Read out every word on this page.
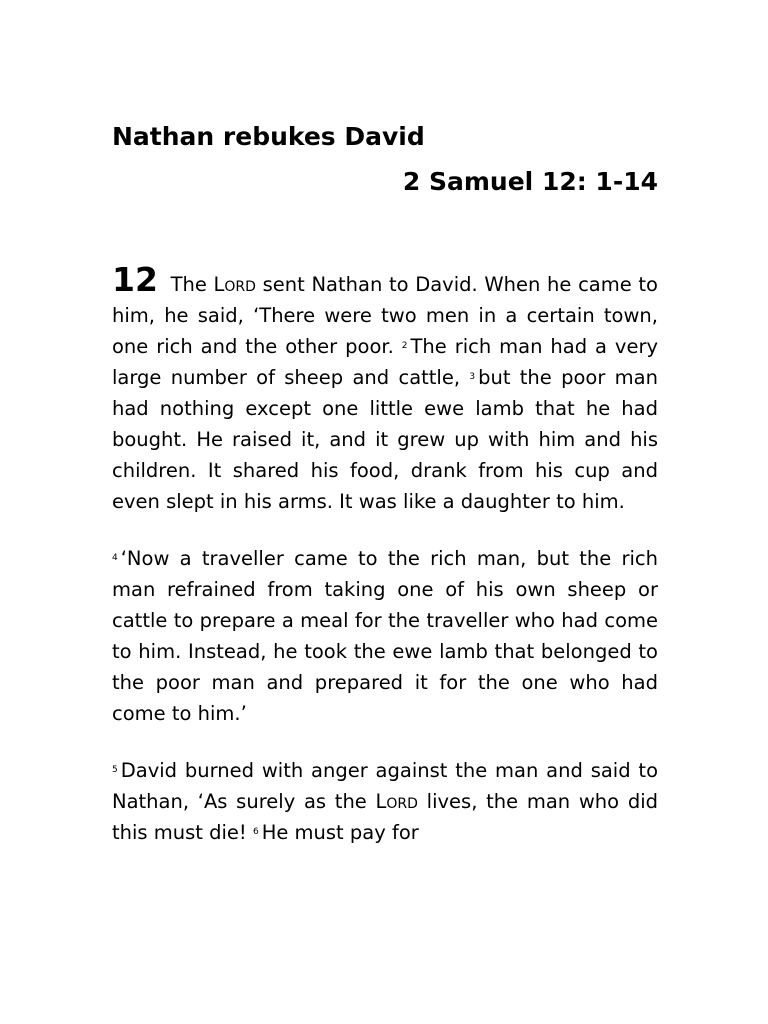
Nathan rebukes David
2 Samuel 12: 1-14

12 The Lord sent Nathan to David. When he came to him, he said, ‘There were two men in a certain town, one rich and the other poor. $^2$ The rich man had a very large number of sheep and cattle, $^3$ but the poor man had nothing except one little ewe lamb that he had bought. He raised it, and it grew up with him and his children. It shared his food, drank from his cup and even slept in his arms. It was like a daughter to him.

$^4$ ‘Now a traveller came to the rich man, but the rich man refrained from taking one of his own sheep or cattle to prepare a meal for the traveller who had come to him. Instead, he took the ewe lamb that belonged to the poor man and prepared it for the one who had come to him.’

$^5$ David burned with anger against the man and said to Nathan, ‘As surely as the Lord lives, the man who did this must die! $^6$ He must pay for
